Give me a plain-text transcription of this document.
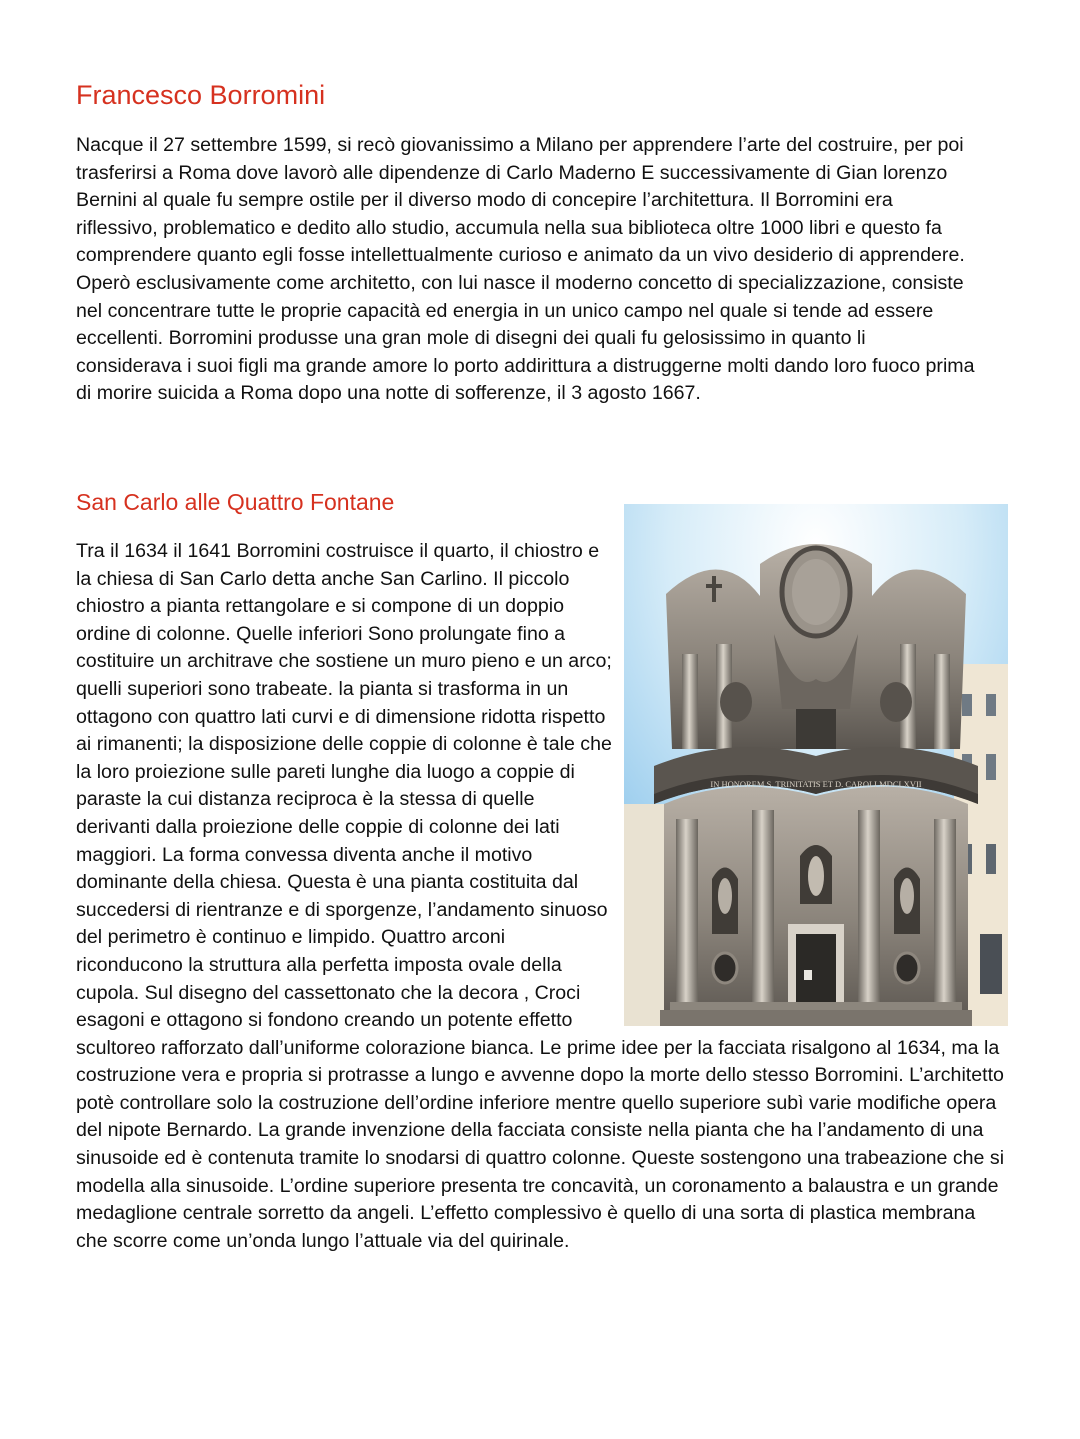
Francesco Borromini

Nacque il 27 settembre 1599, si recò giovanissimo a Milano per apprendere l’arte del costruire, per poi trasferirsi a Roma dove lavorò alle dipendenze di Carlo Maderno E successivamente di Gian lorenzo Bernini al quale fu sempre ostile per il diverso modo di concepire l’architettura. Il Borromini era riflessivo, problematico e dedito allo studio, accumula nella sua biblioteca oltre 1000 libri e questo fa comprendere quanto egli fosse intellettualmente curioso e animato da un vivo desiderio di apprendere. Operò esclusivamente come architetto, con lui nasce il moderno concetto di specializzazione, consiste nel concentrare tutte le proprie capacità ed energia in un unico campo nel quale si tende ad essere eccellenti. Borromini produsse una gran mole di disegni dei quali fu gelosissimo in quanto li considerava i suoi figli ma grande amore lo porto addirittura a distruggerne molti dando loro fuoco prima di morire suicida a Roma dopo una notte di sofferenze, il 3 agosto 1667.

San Carlo alle Quattro Fontane
IN HONOREM S. TRINITATIS ET D. CAROLI MDCLXVII
Tra il 1634 il 1641 Borromini costruisce il quarto, il chiostro e la chiesa di San Carlo detta anche San Carlino. Il piccolo chiostro a pianta rettangolare e si compone di un doppio ordine di colonne. Quelle inferiori Sono prolungate fino a costituire un architrave che sostiene un muro pieno e un arco; quelli superiori sono trabeate. la pianta si trasforma in un ottagono con quattro lati curvi e di dimensione ridotta rispetto ai rimanenti; la disposizione delle coppie di colonne è tale che la loro proiezione sulle pareti lunghe dia luogo a coppie di paraste la cui distanza reciproca è la stessa di quelle derivanti dalla proiezione delle coppie di colonne dei lati maggiori. La forma convessa diventa anche il motivo dominante della chiesa. Questa è una pianta costituita dal succedersi di rientranze e di sporgenze, l’andamento sinuoso del perimetro è continuo e limpido. Quattro arconi riconducono la struttura alla perfetta imposta ovale della cupola. Sul disegno del cassettonato che la decora , Croci esagoni e ottagono si fondono creando un potente effetto scultoreo rafforzato dall’uniforme colorazione bianca. Le prime idee per la facciata risalgono al 1634, ma la costruzione vera e propria si protrasse a lungo e avvenne dopo la morte dello stesso Borromini. L’architetto potè controllare solo la costruzione dell’ordine inferiore mentre quello superiore subì varie modifiche opera del nipote Bernardo. La grande invenzione della facciata consiste nella pianta che ha l’andamento di una sinusoide ed è contenuta tramite lo snodarsi di quattro colonne. Queste sostengono una trabeazione che si modella alla sinusoide. L’ordine superiore presenta tre concavità, un coronamento a balaustra e un grande medaglione centrale sorretto da angeli. L’effetto complessivo è quello di una sorta di plastica membrana che scorre come un’onda lungo l’attuale via del quirinale.
